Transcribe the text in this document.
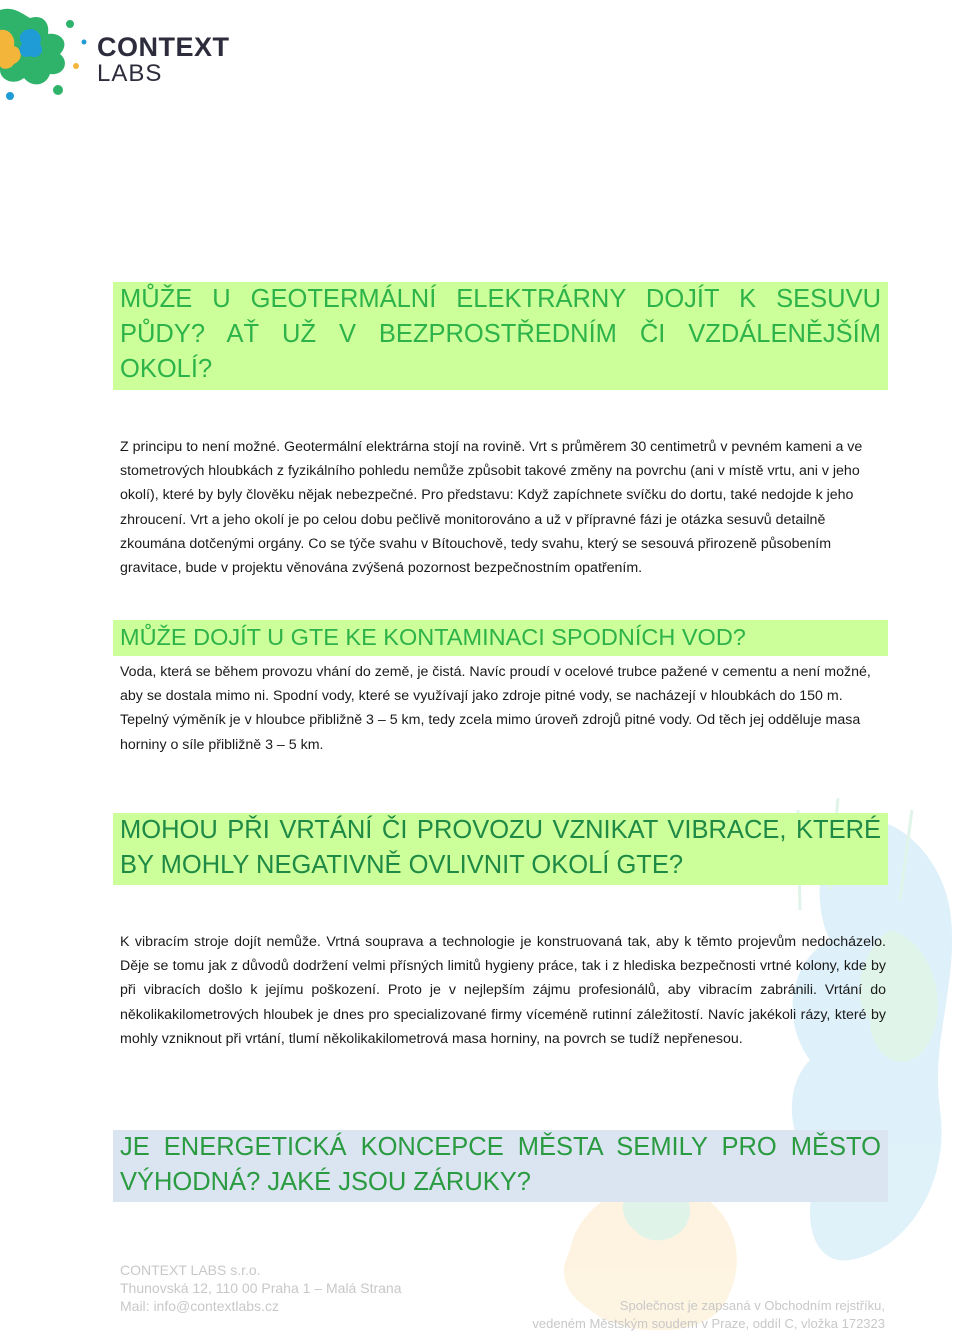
CONTEXT
LABS
MŮŽE U GEOTERMÁLNÍ ELEKTRÁRNY DOJÍT K SESUVU PŮDY? AŤ UŽ V BEZPROSTŘEDNÍM ČI VZDÁLENĚJŠÍM OKOLÍ?
Z principu to není možné. Geotermální elektrárna stojí na rovině. Vrt s průměrem 30 centimetrů v pevném kameni a ve stometrových hloubkách z fyzikálního pohledu nemůže způsobit takové změny na povrchu (ani v místě vrtu, ani v jeho okolí), které by byly člověku nějak nebezpečné. Pro představu: Když zapíchnete svíčku do dortu, také nedojde k jeho zhroucení. Vrt a jeho okolí je po celou dobu pečlivě monitorováno a už v přípravné fázi je otázka sesuvů detailně zkoumána dotčenými orgány. Co se týče svahu v Bítouchově, tedy svahu, který se sesouvá přirozeně působením gravitace, bude v projektu věnována zvýšená pozornost bezpečnostním opatřením.
MŮŽE DOJÍT U GTE KE KONTAMINACI SPODNÍCH VOD?
Voda, která se během provozu vhání do země, je čistá. Navíc proudí v ocelové trubce pažené v cementu a není možné, aby se dostala mimo ni. Spodní vody, které se využívají jako zdroje pitné vody, se nacházejí v hloubkách do 150 m. Tepelný výměník je v hloubce přibližně 3 – 5 km, tedy zcela mimo úroveň zdrojů pitné vody. Od těch jej odděluje masa horniny o síle přibližně 3 – 5 km.
MOHOU PŘI VRTÁNÍ ČI PROVOZU VZNIKAT VIBRACE, KTERÉ BY MOHLY NEGATIVNĚ OVLIVNIT OKOLÍ GTE?
K vibracím stroje dojít nemůže. Vrtná souprava a technologie je konstruovaná tak, aby k těmto projevům nedocházelo. Děje se tomu jak z důvodů dodržení velmi přísných limitů hygieny práce, tak i z hlediska bezpečnosti vrtné kolony, kde by při vibracích došlo k jejímu poškození. Proto je v nejlepším zájmu profesionálů, aby vibracím zabránili. Vrtání do několikakilometrových hloubek je dnes pro specializované firmy víceméně rutinní záležitostí. Navíc jakékoli rázy, které by mohly vzniknout při vrtání, tlumí několikakilometrová masa horniny, na povrch se tudíž nepřenesou.
JE ENERGETICKÁ KONCEPCE MĚSTA SEMILY PRO MĚSTO VÝHODNÁ? JAKÉ JSOU ZÁRUKY?
CONTEXT LABS s.r.o.
Thunovská 12, 110 00 Praha 1 – Malá Strana
Mail: info@contextlabs.cz	Společnost je zapsaná v Obchodním rejstříku,
vedeném Městským soudem v Praze, oddíl C, vložka 172323
